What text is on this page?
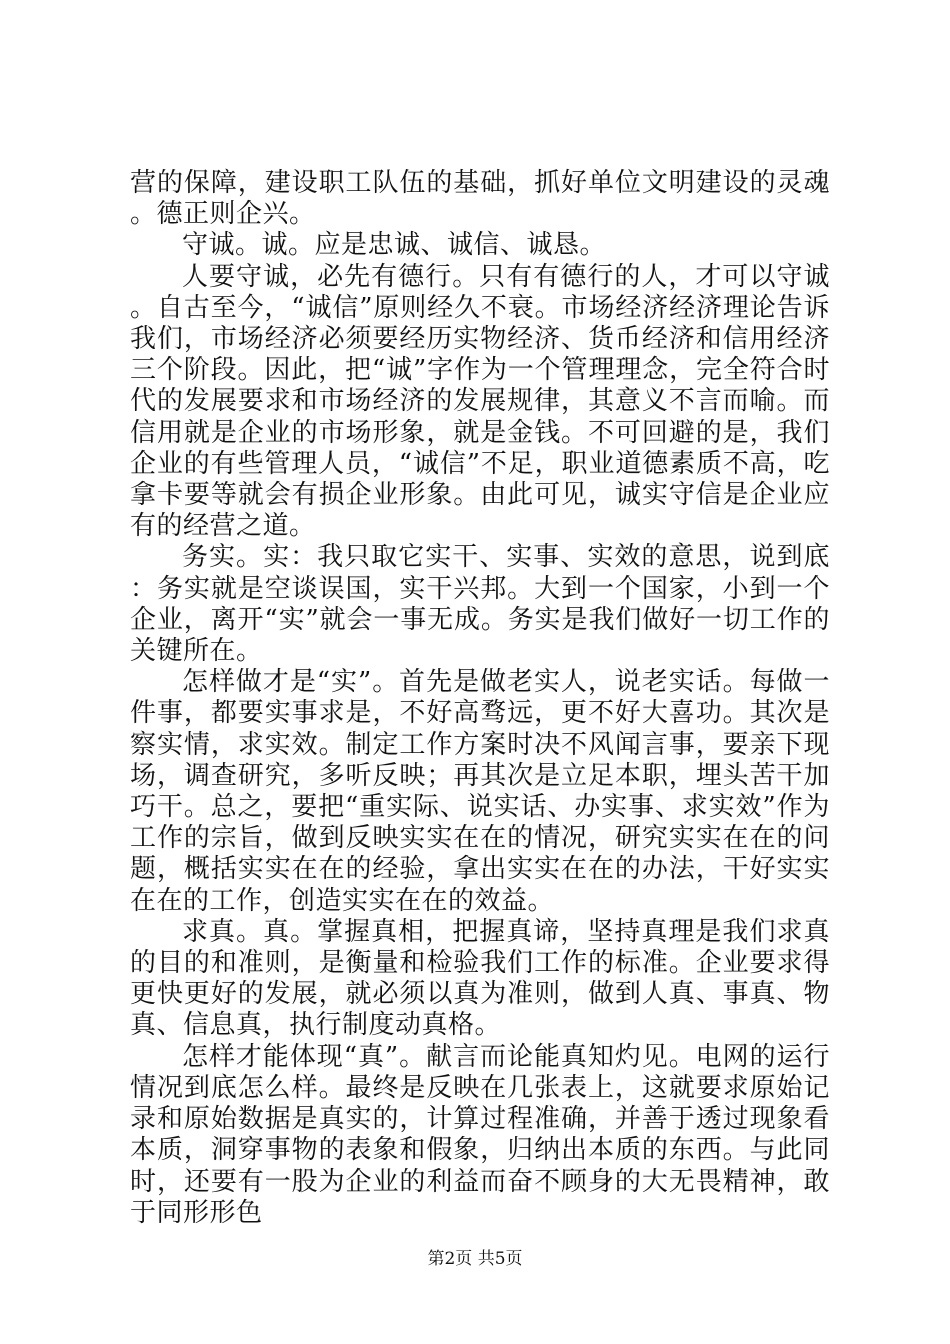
营的保障，建设职工队伍的基础，抓好单位文明建设的灵魂。德正则企兴。

守诚。诚。应是忠诚、诚信、诚恳。

人要守诚，必先有德行。只有有德行的人，才可以守诚。自古至今，“诚信”原则经久不衰。市场经济经济理论告诉我们，市场经济必须要经历实物经济、货币经济和信用经济三个阶段。因此，把“诚”字作为一个管理理念，完全符合时代的发展要求和市场经济的发展规律，其意义不言而喻。而信用就是企业的市场形象，就是金钱。不可回避的是，我们企业的有些管理人员，“诚信”不足，职业道德素质不高，吃拿卡要等就会有损企业形象。由此可见，诚实守信是企业应有的经营之道。

务实。实：我只取它实干、实事、实效的意思，说到底：务实就是空谈误国，实干兴邦。大到一个国家，小到一个企业，离开“实”就会一事无成。务实是我们做好一切工作的关键所在。

怎样做才是“实”。首先是做老实人，说老实话。每做一件事，都要实事求是，不好高骛远，更不好大喜功。其次是察实情，求实效。制定工作方案时决不风闻言事，要亲下现场，调查研究，多听反映；再其次是立足本职，埋头苦干加巧干。总之，要把“重实际、说实话、办实事、求实效”作为工作的宗旨，做到反映实实在在的情况，研究实实在在的问题，概括实实在在的经验，拿出实实在在的办法，干好实实在在的工作，创造实实在在的效益。

求真。真。掌握真相，把握真谛，坚持真理是我们求真的目的和准则，是衡量和检验我们工作的标准。企业要求得更快更好的发展，就必须以真为准则，做到人真、事真、物真、信息真，执行制度动真格。

怎样才能体现“真”。献言而论能真知灼见。电网的运行情况到底怎么样。最终是反映在几张表上，这就要求原始记录和原始数据是真实的，计算过程准确，并善于透过现象看本质，洞穿事物的表象和假象，归纳出本质的东西。与此同时，还要有一股为企业的利益而奋不顾身的大无畏精神，敢于同形形色

第2页 共5页
